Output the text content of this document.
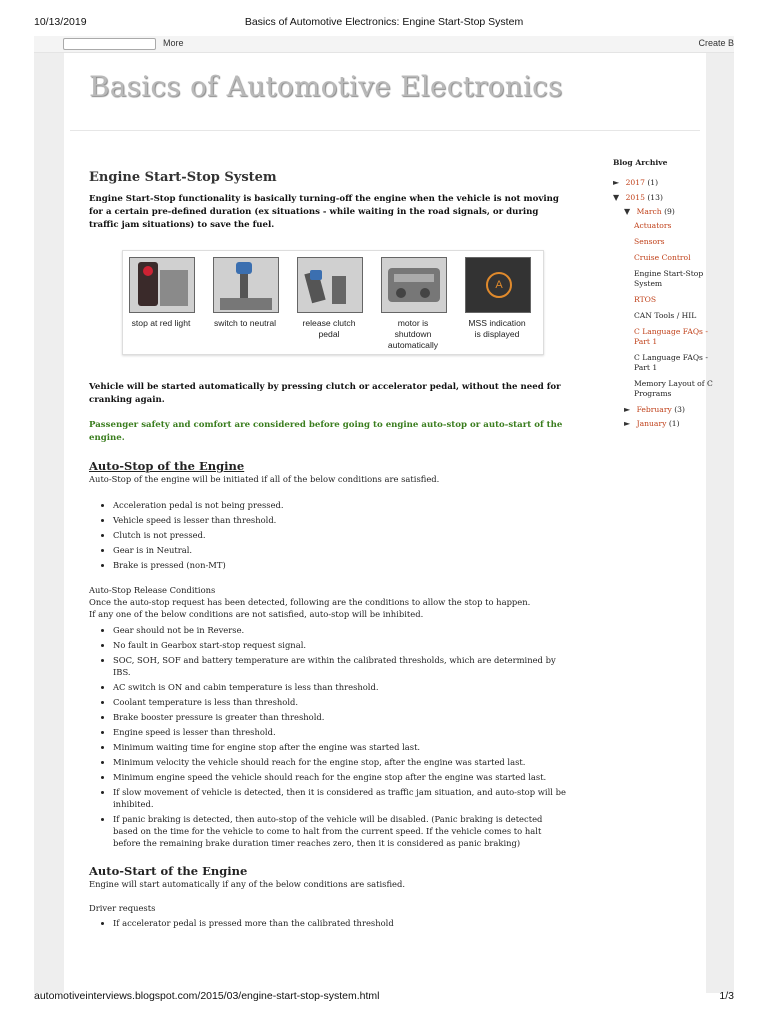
10/13/2019	Basics of Automotive Electronics: Engine Start-Stop System
More	Create B
Basics of Automotive Electronics
Engine Start-Stop System

Engine Start-Stop functionality is basically turning-off the engine when the vehicle is not moving for a certain pre-defined duration (ex situations - while waiting in the road signals, or during traffic jam situations) to save the fuel.

stop at red light	switch to neutral	release clutch pedal
motor is shutdown automatically
A
MSS indication is displayed

Vehicle will be started automatically by pressing clutch or accelerator pedal, without the need for cranking again.

Passenger safety and comfort are considered before going to engine auto-stop or auto-start of the engine.

Auto-Stop of the Engine

Auto-Stop of the engine will be initiated if all of the below conditions are satisfied.

• Acceleration pedal is not being pressed.
• Vehicle speed is lesser than threshold.
• Clutch is not pressed.
• Gear is in Neutral.
• Brake is pressed (non-MT)

Auto-Stop Release Conditions

Once the auto-stop request has been detected, following are the conditions to allow the stop to happen.

If any one of the below conditions are not satisfied, auto-stop will be inhibited.

• Gear should not be in Reverse.
• No fault in Gearbox start-stop request signal.
• SOC, SOH, SOF and battery temperature are within the calibrated thresholds, which are determined by IBS.
• AC switch is ON and cabin temperature is less than threshold.
• Coolant temperature is less than threshold.
• Brake booster pressure is greater than threshold.
• Engine speed is lesser than threshold.
• Minimum waiting time for engine stop after the engine was started last.
• Minimum velocity the vehicle should reach for the engine stop, after the engine was started last.
• Minimum engine speed the vehicle should reach for the engine stop after the engine was started last.
• If slow movement of vehicle is detected, then it is considered as traffic jam situation, and auto-stop will be inhibited.
• If panic braking is detected, then auto-stop of the vehicle will be disabled. (Panic braking is detected based on the time for the vehicle to come to halt from the current speed. If the vehicle comes to halt before the remaining brake duration timer reaches zero, then it is considered as panic braking)
Auto-Start of the Engine

Engine will start automatically if any of the below conditions are satisfied.

Driver requests

• If accelerator pedal is pressed more than the calibrated threshold
Blog Archive
► 2017 (1)
▼ 2015 (13)
▼ March (9)
Actuators
Sensors
Cruise Control
Engine Start-Stop System
RTOS
CAN Tools / HIL
C Language FAQs - Part 1
C Language FAQs - Part 1
Memory Layout of C Programs
► February (3)
► January (1)
automotiveinterviews.blogspot.com/2015/03/engine-start-stop-system.html	1/3
